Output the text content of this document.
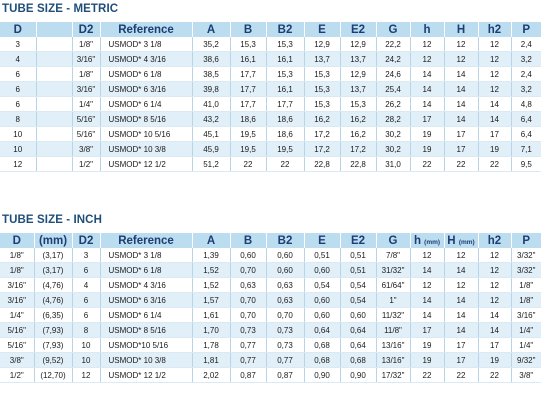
TUBE SIZE - METRIC
D		D2	Reference	A	B	B2	E	E2	G	h	H	h2	P
3		1/8"	USMOD* 3 1/8	35,2	15,3	15,3	12,9	12,9	22,2	12	12	12	2,4
4		3/16"	USMOD* 4 3/16	38,6	16,1	16,1	13,7	13,7	24,2	12	12	12	3,2
6		1/8"	USMOD* 6 1/8	38,5	17,7	15,3	15,3	12,9	24,6	14	14	12	2,4
6		3/16"	USMOD* 6 3/16	39,8	17,7	16,1	15,3	13,7	25,4	14	14	12	3,2
6		1/4"	USMOD* 6 1/4	41,0	17,7	17,7	15,3	15,3	26,2	14	14	14	4,8
8		5/16"	USMOD* 8 5/16	43,2	18,6	18,6	16,2	16,2	28,2	17	14	14	6,4
10		5/16"	USMOD* 10 5/16	45,1	19,5	18,6	17,2	16,2	30,2	19	17	17	6,4
10		3/8"	USMOD* 10 3/8	45,9	19,5	19,5	17,2	17,2	30,2	19	17	19	7,1
12		1/2"	USMOD* 12 1/2	51,2	22	22	22,8	22,8	31,0	22	22	22	9,5
TUBE SIZE - INCH
D	(mm)	D2	Reference	A	B	B2	E	E2	G	h (mm)	H (mm)	h2	P
1/8"	(3,17)	3	USMOD* 3 1/8	1,39	0,60	0,60	0,51	0,51	7/8"	12	12	12	3/32"
1/8"	(3,17)	6	USMOD* 6 1/8	1,52	0,70	0,60	0,60	0,51	31/32"	14	14	12	3/32"
3/16"	(4,76)	4	USMOD* 4 3/16	1,52	0,63	0,63	0,54	0,54	61/64"	12	12	12	1/8"
3/16"	(4,76)	6	USMOD* 6 3/16	1,57	0,70	0,63	0,60	0,54	1"	14	14	12	1/8"
1/4"	(6,35)	6	USMOD* 6 1/4	1,61	0,70	0,70	0,60	0,60	11/32"	14	14	14	3/16"
5/16"	(7,93)	8	USMOD* 8 5/16	1,70	0,73	0,73	0,64	0,64	11/8"	17	14	14	1/4"
5/16"	(7,93)	10	USMOD*10 5/16	1,78	0,77	0,73	0,68	0,64	13/16"	19	17	17	1/4"
3/8"	(9,52)	10	USMOD* 10 3/8	1,81	0,77	0,77	0,68	0,68	13/16"	19	17	19	9/32"
1/2"	(12,70)	12	USMOD* 12 1/2	2,02	0,87	0,87	0,90	0,90	17/32"	22	22	22	3/8"
